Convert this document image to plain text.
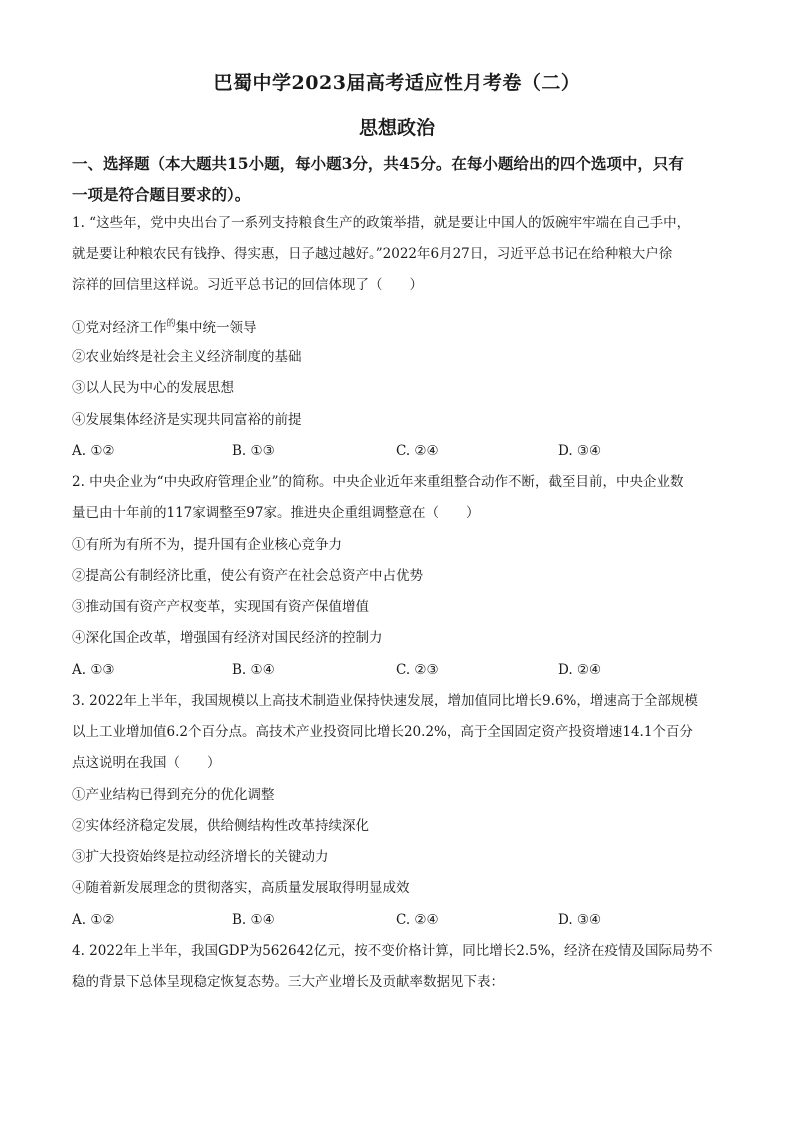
巴蜀中学2023届高考适应性月考卷（二）
思想政治
一、选择题（本大题共15小题，每小题3分，共45分。在每小题给出的四个选项中，只有
一项是符合题目要求的）。
1. “这些年，党中央出台了一系列支持粮食生产的政策举措，就是要让中国人的饭碗牢牢端在自己手中，
就是要让种粮农民有钱挣、得实惠，日子越过越好。”2022年6月27日，习近平总书记在给种粮大户徐
淙祥的回信里这样说。习近平总书记的回信体现了（　　）
①党对经济工作$^的$集中统一领导
②农业始终是社会主义经济制度的基础
③以人民为中心的发展思想
④发展集体经济是实现共同富裕的前提
A. ①②	B. ①③	C. ②④	D. ③④
2. 中央企业为“中央政府管理企业”的简称。中央企业近年来重组整合动作不断，截至目前，中央企业数
量已由十年前的117家调整至97家。推进央企重组调整意在（　　）
①有所为有所不为，提升国有企业核心竞争力
②提高公有制经济比重，使公有资产在社会总资产中占优势
③推动国有资产产权变革，实现国有资产保值增值
④深化国企改革，增强国有经济对国民经济的控制力
A. ①③	B. ①④	C. ②③	D. ②④
3. 2022年上半年，我国规模以上高技术制造业保持快速发展，增加值同比增长9.6%，增速高于全部规模
以上工业增加值6.2个百分点。高技术产业投资同比增长20.2%，高于全国固定资产投资增速14.1个百分
点这说明在我国（　　）
①产业结构已得到充分的优化调整
②实体经济稳定发展，供给侧结构性改革持续深化
③扩大投资始终是拉动经济增长的关键动力
④随着新发展理念的贯彻落实，高质量发展取得明显成效
A. ①②	B. ①④	C. ②④	D. ③④
4. 2022年上半年，我国GDP为562642亿元，按不变价格计算，同比增长2.5%，经济在疫情及国际局势不
稳的背景下总体呈现稳定恢复态势。三大产业增长及贡献率数据见下表：
